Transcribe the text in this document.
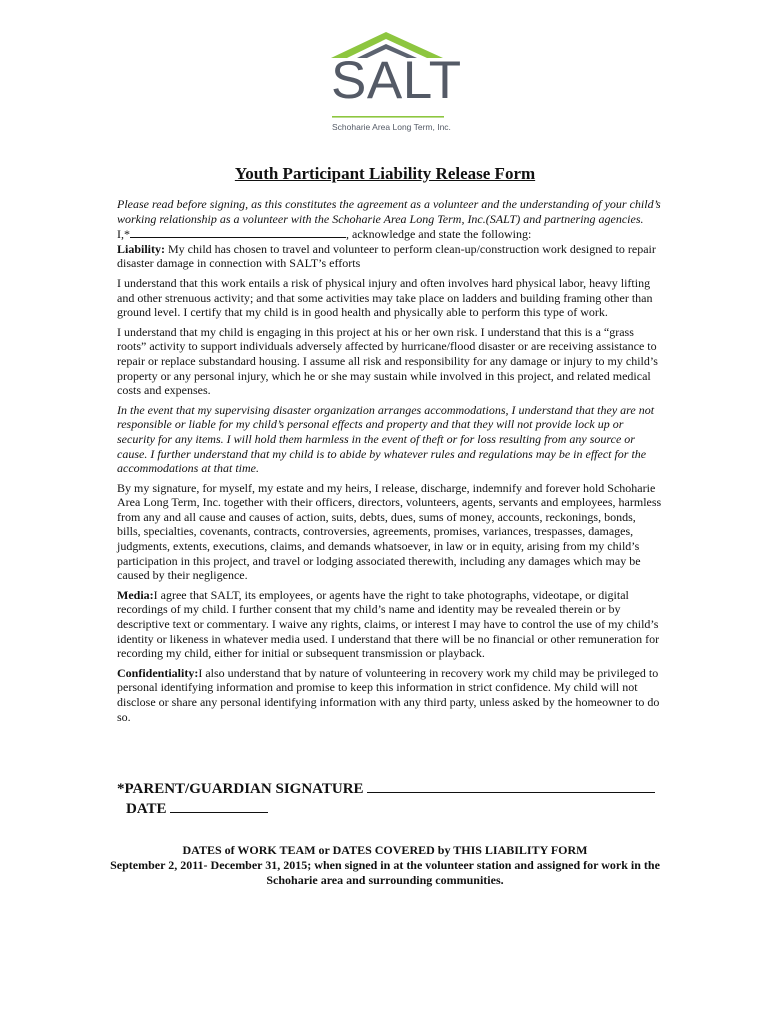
SALT
Schoharie Area Long Term, Inc.
Youth Participant Liability Release Form

Please read before signing, as this constitutes the agreement as a volunteer and the understanding of your child’s working relationship as a volunteer with the Schoharie Area Long Term, Inc.(SALT) and partnering agencies.

I,*	, acknowledge and state the following:

Liability: My child has chosen to travel and volunteer to perform clean-up/construction work designed to repair disaster damage in connection with SALT’s efforts

I understand that this work entails a risk of physical injury and often involves hard physical labor, heavy lifting and other strenuous activity; and that some activities may take place on ladders and building framing other than ground level. I certify that my child is in good health and physically able to perform this type of work.

I understand that my child is engaging in this project at his or her own risk. I understand that this is a “grass roots” activity to support individuals adversely affected by hurricane/flood disaster or are receiving assistance to repair or replace substandard housing. I assume all risk and responsibility for any damage or injury to my child’s property or any personal injury, which he or she may sustain while involved in this project, and related medical costs and expenses.

In the event that my supervising disaster organization arranges accommodations, I understand that they are not responsible or liable for my child’s personal effects and property and that they will not provide lock up or security for any items. I will hold them harmless in the event of theft or for loss resulting from any source or cause. I further understand that my child is to abide by whatever rules and regulations may be in effect for the accommodations at that time.

By my signature, for myself, my estate and my heirs, I release, discharge, indemnify and forever hold Schoharie Area Long Term, Inc. together with their officers, directors, volunteers, agents, servants and employees, harmless from any and all cause and causes of action, suits, debts, dues, sums of money, accounts, reckonings, bonds, bills, specialties, covenants, contracts, controversies, agreements, promises, variances, trespasses, damages, judgments, extents, executions, claims, and demands whatsoever, in law or in equity, arising from my child’s participation in this project, and travel or lodging associated therewith, including any damages which may be caused by their negligence.

Media:I agree that SALT, its employees, or agents have the right to take photographs, videotape, or digital recordings of my child. I further consent that my child’s name and identity may be revealed therein or by descriptive text or commentary. I waive any rights, claims, or interest I may have to control the use of my child’s identity or likeness in whatever media used. I understand that there will be no financial or other remuneration for recording my child, either for initial or subsequent transmission or playback.

Confidentiality:I also understand that by nature of volunteering in recovery work my child may be privileged to personal identifying information and promise to keep this information in strict confidence. My child will not disclose or share any personal identifying information with any third party, unless asked by the homeowner to do so.

*PARENT/GUARDIAN SIGNATURE
DATE
DATES of WORK TEAM or DATES COVERED by THIS LIABILITY FORM
September 2, 2011- December 31, 2015; when signed in at the volunteer station and assigned for work in the Schoharie area and surrounding communities.
